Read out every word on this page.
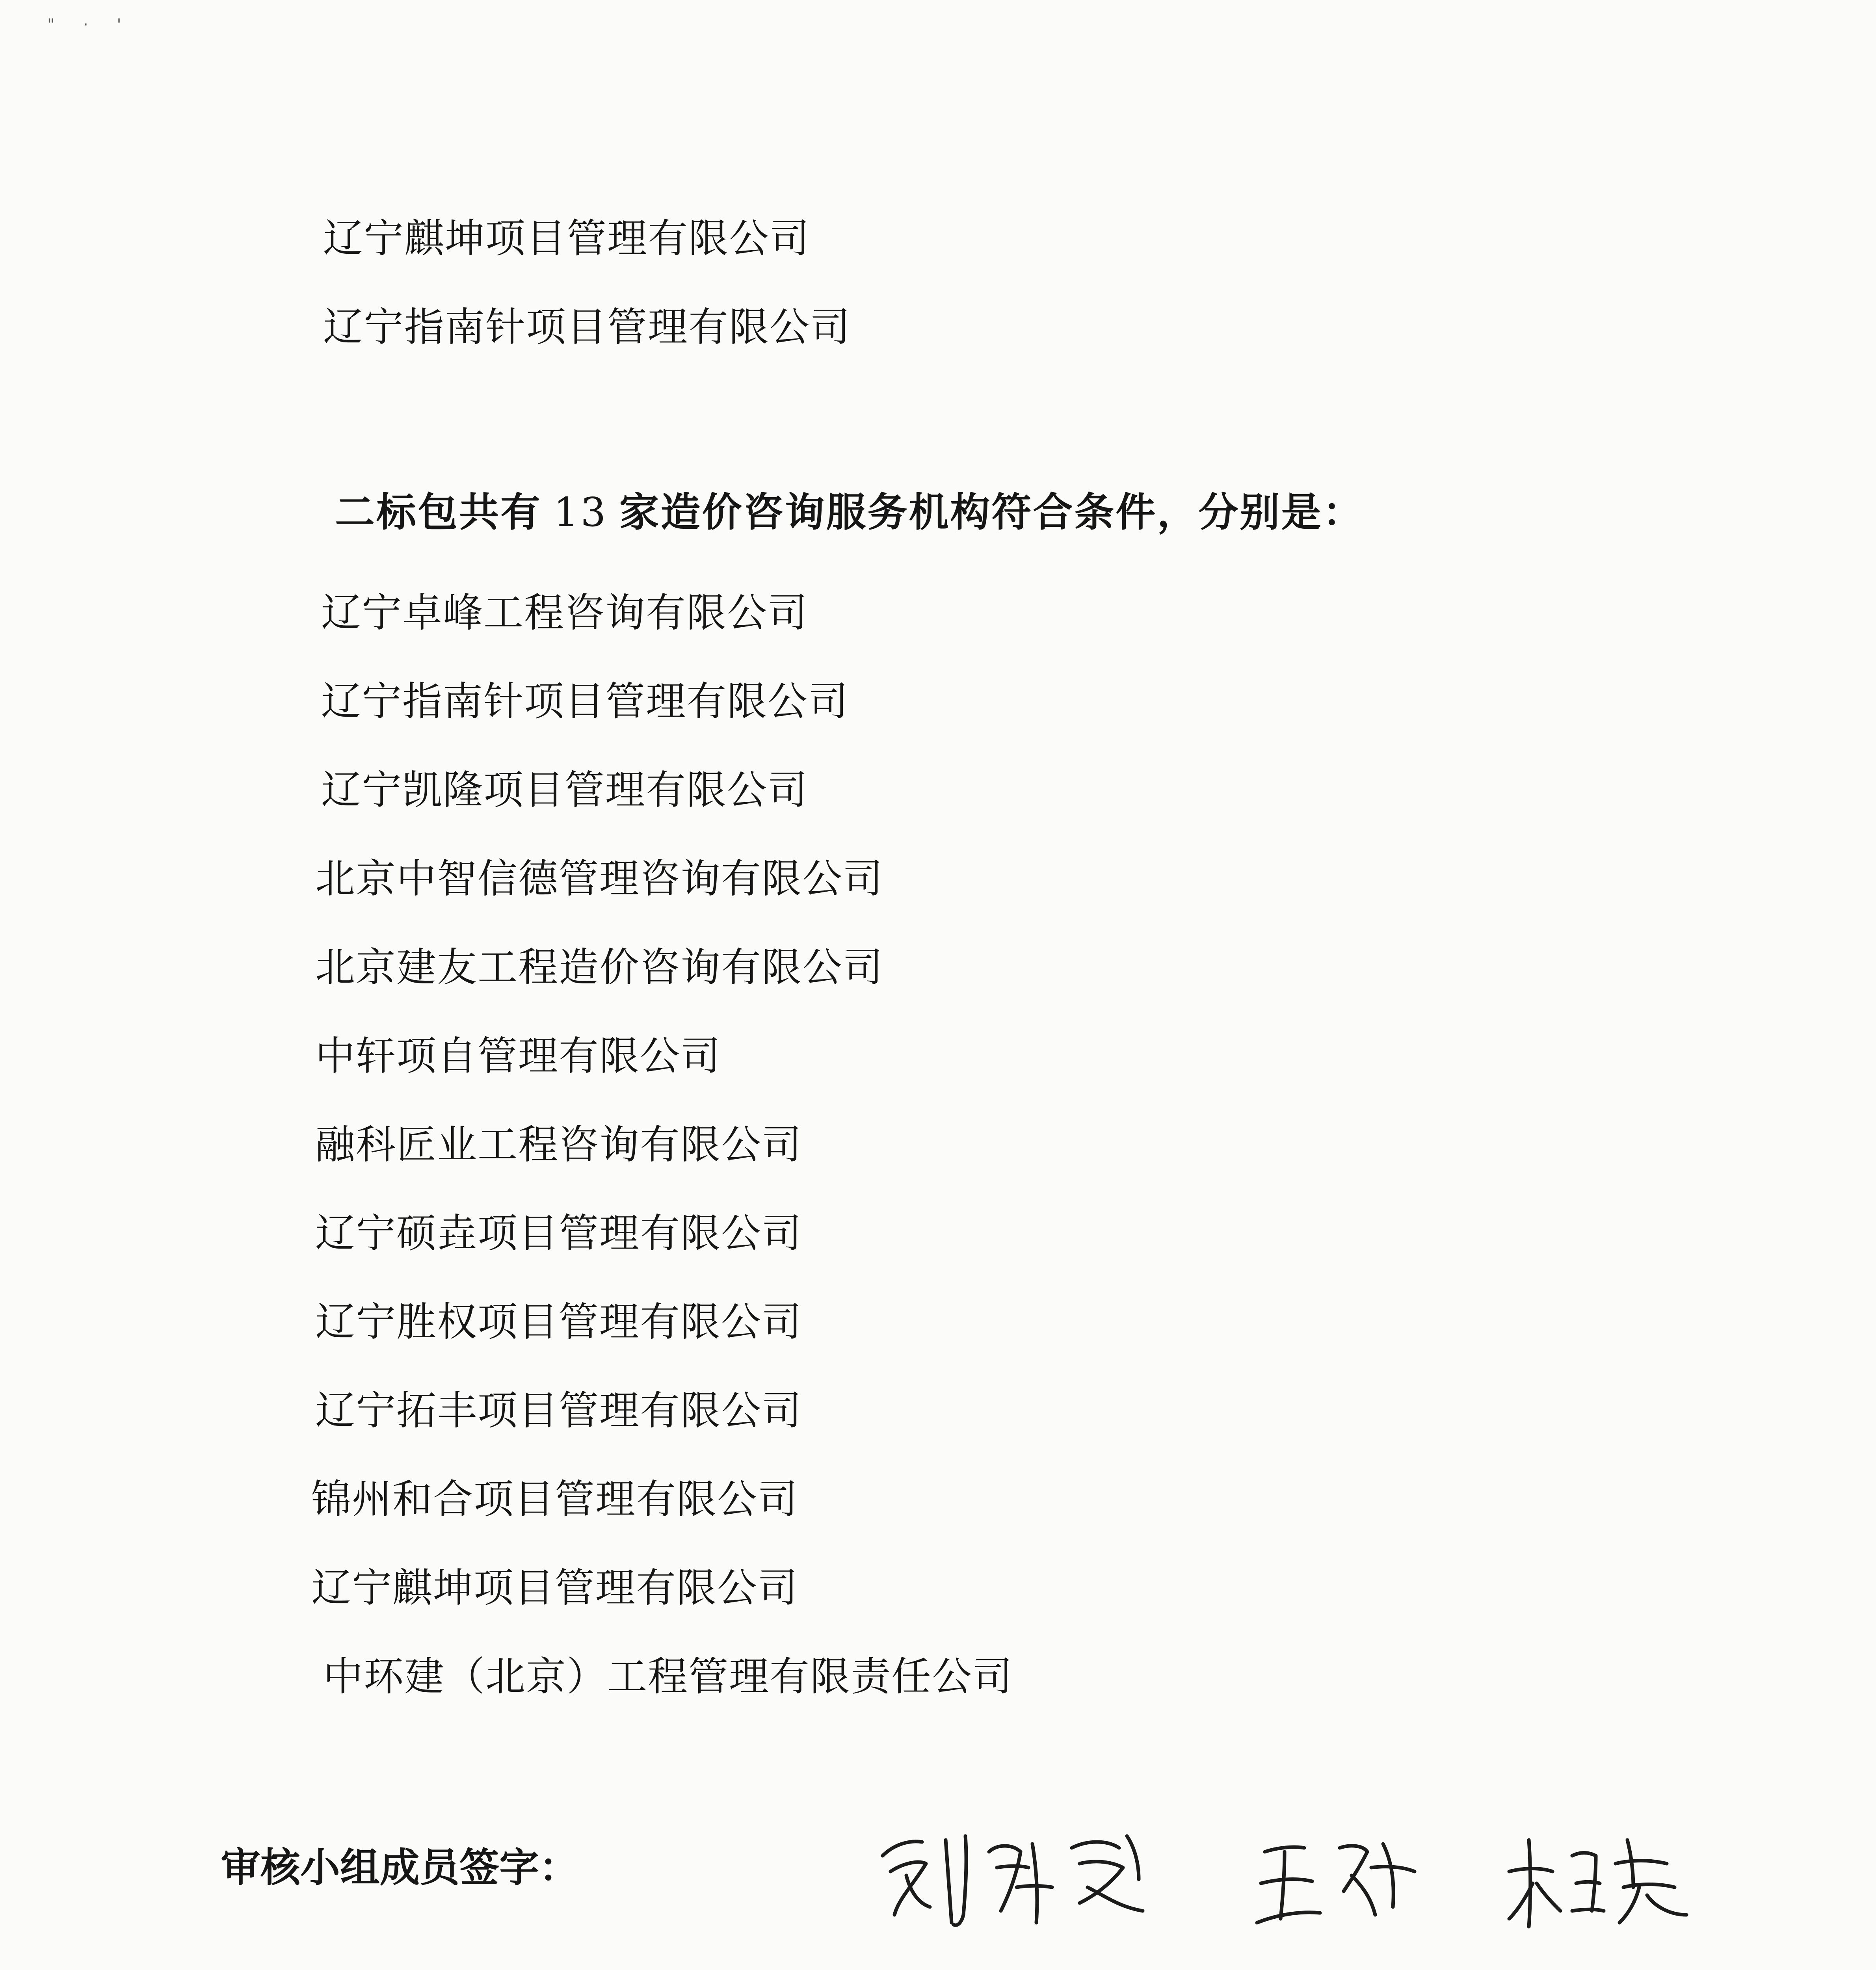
" · '
辽宁麒坤项目管理有限公司
辽宁指南针项目管理有限公司
二标包共有 13 家造价咨询服务机构符合条件，分别是：
辽宁卓峰工程咨询有限公司
辽宁指南针项目管理有限公司
辽宁凯隆项目管理有限公司
北京中智信德管理咨询有限公司
北京建友工程造价咨询有限公司
中轩项自管理有限公司
融科匠业工程咨询有限公司
辽宁硕垚项目管理有限公司
辽宁胜权项目管理有限公司
辽宁拓丰项目管理有限公司
锦州和合项目管理有限公司
辽宁麒坤项目管理有限公司
中环建（北京）工程管理有限责任公司
审核小组成员签字：
